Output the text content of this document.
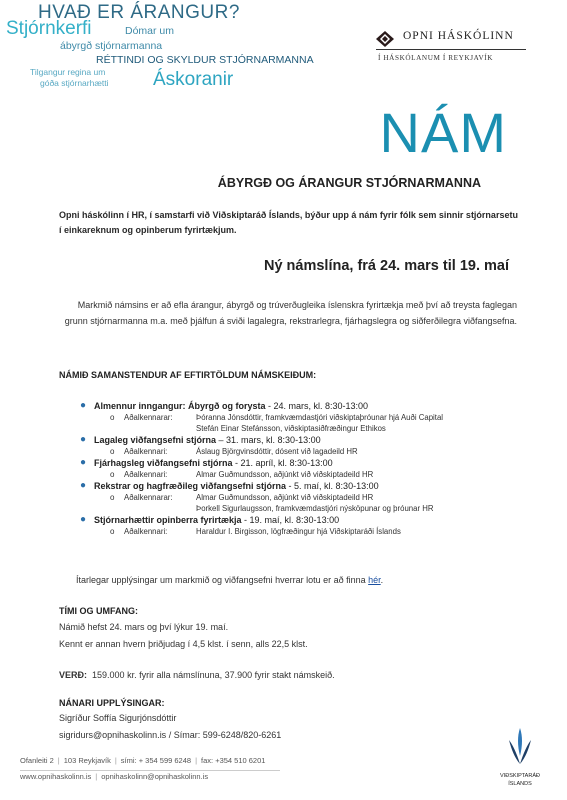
HVAÐ ER ÁRANGUR?
Stjórnkerfi	Dómar um
ábyrgð stjórnarmanna
RÉTTINDI OG SKYLDUR STJÓRNARMANNA
Tilgangur regina um
góða stjórnarhætti Áskoranir
OPNI HÁSKÓLINN
Í HÁSKÓLANUM Í REYKJAVÍK
NÁM
ÁBYRGÐ OG ÁRANGUR STJÓRNARMANNA
Opni háskólinn í HR, í samstarfi við Viðskiptaráð Íslands, býður upp á nám fyrir fólk sem sinnir stjórnarsetu í einkareknum og opinberum fyrirtækjum.
Ný námslína, frá 24. mars til 19. maí
Markmið námsins er að efla árangur, ábyrgð og trúverðugleika íslenskra fyrirtækja með því að treysta faglegan grunn stjórnarmanna m.a. með þjálfun á sviði lagalegra, rekstrarlegra, fjárhagslegra og siðferðilegra viðfangsefna.
NÁMIÐ SAMANSTENDUR AF EFTIRTÖLDUM NÁMSKEIÐUM:
● Almennur inngangur: Ábyrgð og forysta - 24. mars, kl. 8:30-13:00
o Aðalkennarar:	Þóranna Jónsdóttir, framkvæmdastjóri viðskiptaþróunar hjá Auði Capital
Stefán Einar Stefánsson, viðskiptasiðfræðingur Ethikos
● Lagaleg viðfangsefni stjórna – 31. mars, kl. 8:30-13:00
o Aðalkennari:	Áslaug Björgvinsdóttir, dósent við lagadeild HR
● Fjárhagsleg viðfangsefni stjórna - 21. apríl, kl. 8:30-13:00
o Aðalkennari:	Almar Guðmundsson, aðjúnkt við viðskiptadeild HR
● Rekstrar og hagfræðileg viðfangsefni stjórna - 5. maí, kl. 8:30-13:00
o Aðalkennarar:	Almar Guðmundsson, aðjúnkt við viðskiptadeild HR
Þorkell Sigurlaugsson, framkvæmdastjóri nýsköpunar og þróunar HR
● Stjórnarhættir opinberra fyrirtækja - 19. maí, kl. 8:30-13:00
o Aðalkennari:	Haraldur I. Birgisson, lögfræðingur hjá Viðskiptaráði Íslands
Ítarlegar upplýsingar um markmið og viðfangsefni hverrar lotu er að finna hér.
TÍMI OG UMFANG:
Námið hefst 24. mars og því lýkur 19. maí.
Kennt er annan hvern þriðjudag í 4,5 klst. í senn, alls 22,5 klst.
VERÐ: 159.000 kr. fyrir alla námslínuna, 37.900 fyrir stakt námskeið.
NÁNARI UPPLÝSINGAR:
Sigríður Soffía Sigurjónsdóttir
sigridurs@opnihaskolinn.is / Símar: 599-6248/820-6261
Ofanleiti 2 | 103 Reykjavík | sími: + 354 599 6248 | fax: +354 510 6201
www.opnihaskolinn.is | opnihaskolinn@opnihaskolinn.is	VIÐSKIPTARÁÐ
ÍSLANDS
